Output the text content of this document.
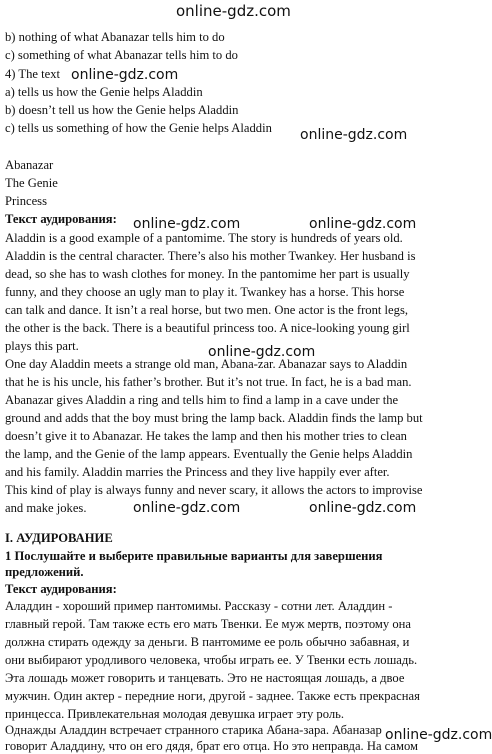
online-gdz.com
online-gdz.com
online-gdz.com
online-gdz.com	online-gdz.com
online-gdz.com
online-gdz.com	online-gdz.com
online-gdz.com
b) nothing of what Abanazar tells him to do
c) something of what Abanazar tells him to do
4) The text
a) tells us how the Genie helps Aladdin
b) doesn’t tell us how the Genie helps Aladdin
c) tells us something of how the Genie helps Aladdin
Abanazar
The Genie
Princess
Текст аудирования:
Aladdin is a good example of a pantomime. The story is hundreds of years old.
Aladdin is the central character. There’s also his mother Twankey. Her husband is
dead, so she has to wash clothes for money. In the pantomime her part is usually
funny, and they choose an ugly man to play it. Twankey has a horse. This horse
can talk and dance. It isn’t a real horse, but two men. One actor is the front legs,
the other is the back. There is a beautiful princess too. A nice-looking young girl
plays this part.
One day Aladdin meets a strange old man, Abana-zar. Abanazar says to Aladdin
that he is his uncle, his father’s brother. But it’s not true. In fact, he is a bad man.
Abanazar gives Aladdin a ring and tells him to find a lamp in a cave under the
ground and adds that the boy must bring the lamp back. Aladdin finds the lamp but
doesn’t give it to Abanazar. He takes the lamp and then his mother tries to clean
the lamp, and the Genie of the lamp appears. Eventually the Genie helps Aladdin
and his family. Aladdin marries the Princess and they live happily ever after.
This kind of play is always funny and never scary, it allows the actors to improvise
and make jokes.
I. АУДИРОВАНИЕ
1 Послушайте и выберите правильные варианты для завершения
предложений.
Текст аудирования:
Аладдин - хороший пример пантомимы. Рассказу - сотни лет. Аладдин -
главный герой. Там также есть его мать Твенки. Ее муж мертв, поэтому она
должна стирать одежду за деньги. В пантомиме ее роль обычно забавная, и
они выбирают уродливого человека, чтобы играть ее. У Твенки есть лошадь.
Эта лошадь может говорить и танцевать. Это не настоящая лошадь, а двое
мужчин. Один актер - передние ноги, другой - заднее. Также есть прекрасная
принцесса. Привлекательная молодая девушка играет эту роль.
Однажды Аладдин встречает странного старика Абана-зара. Абаназар
говорит Аладдину, что он его дядя, брат его отца. Но это неправда. На самом
